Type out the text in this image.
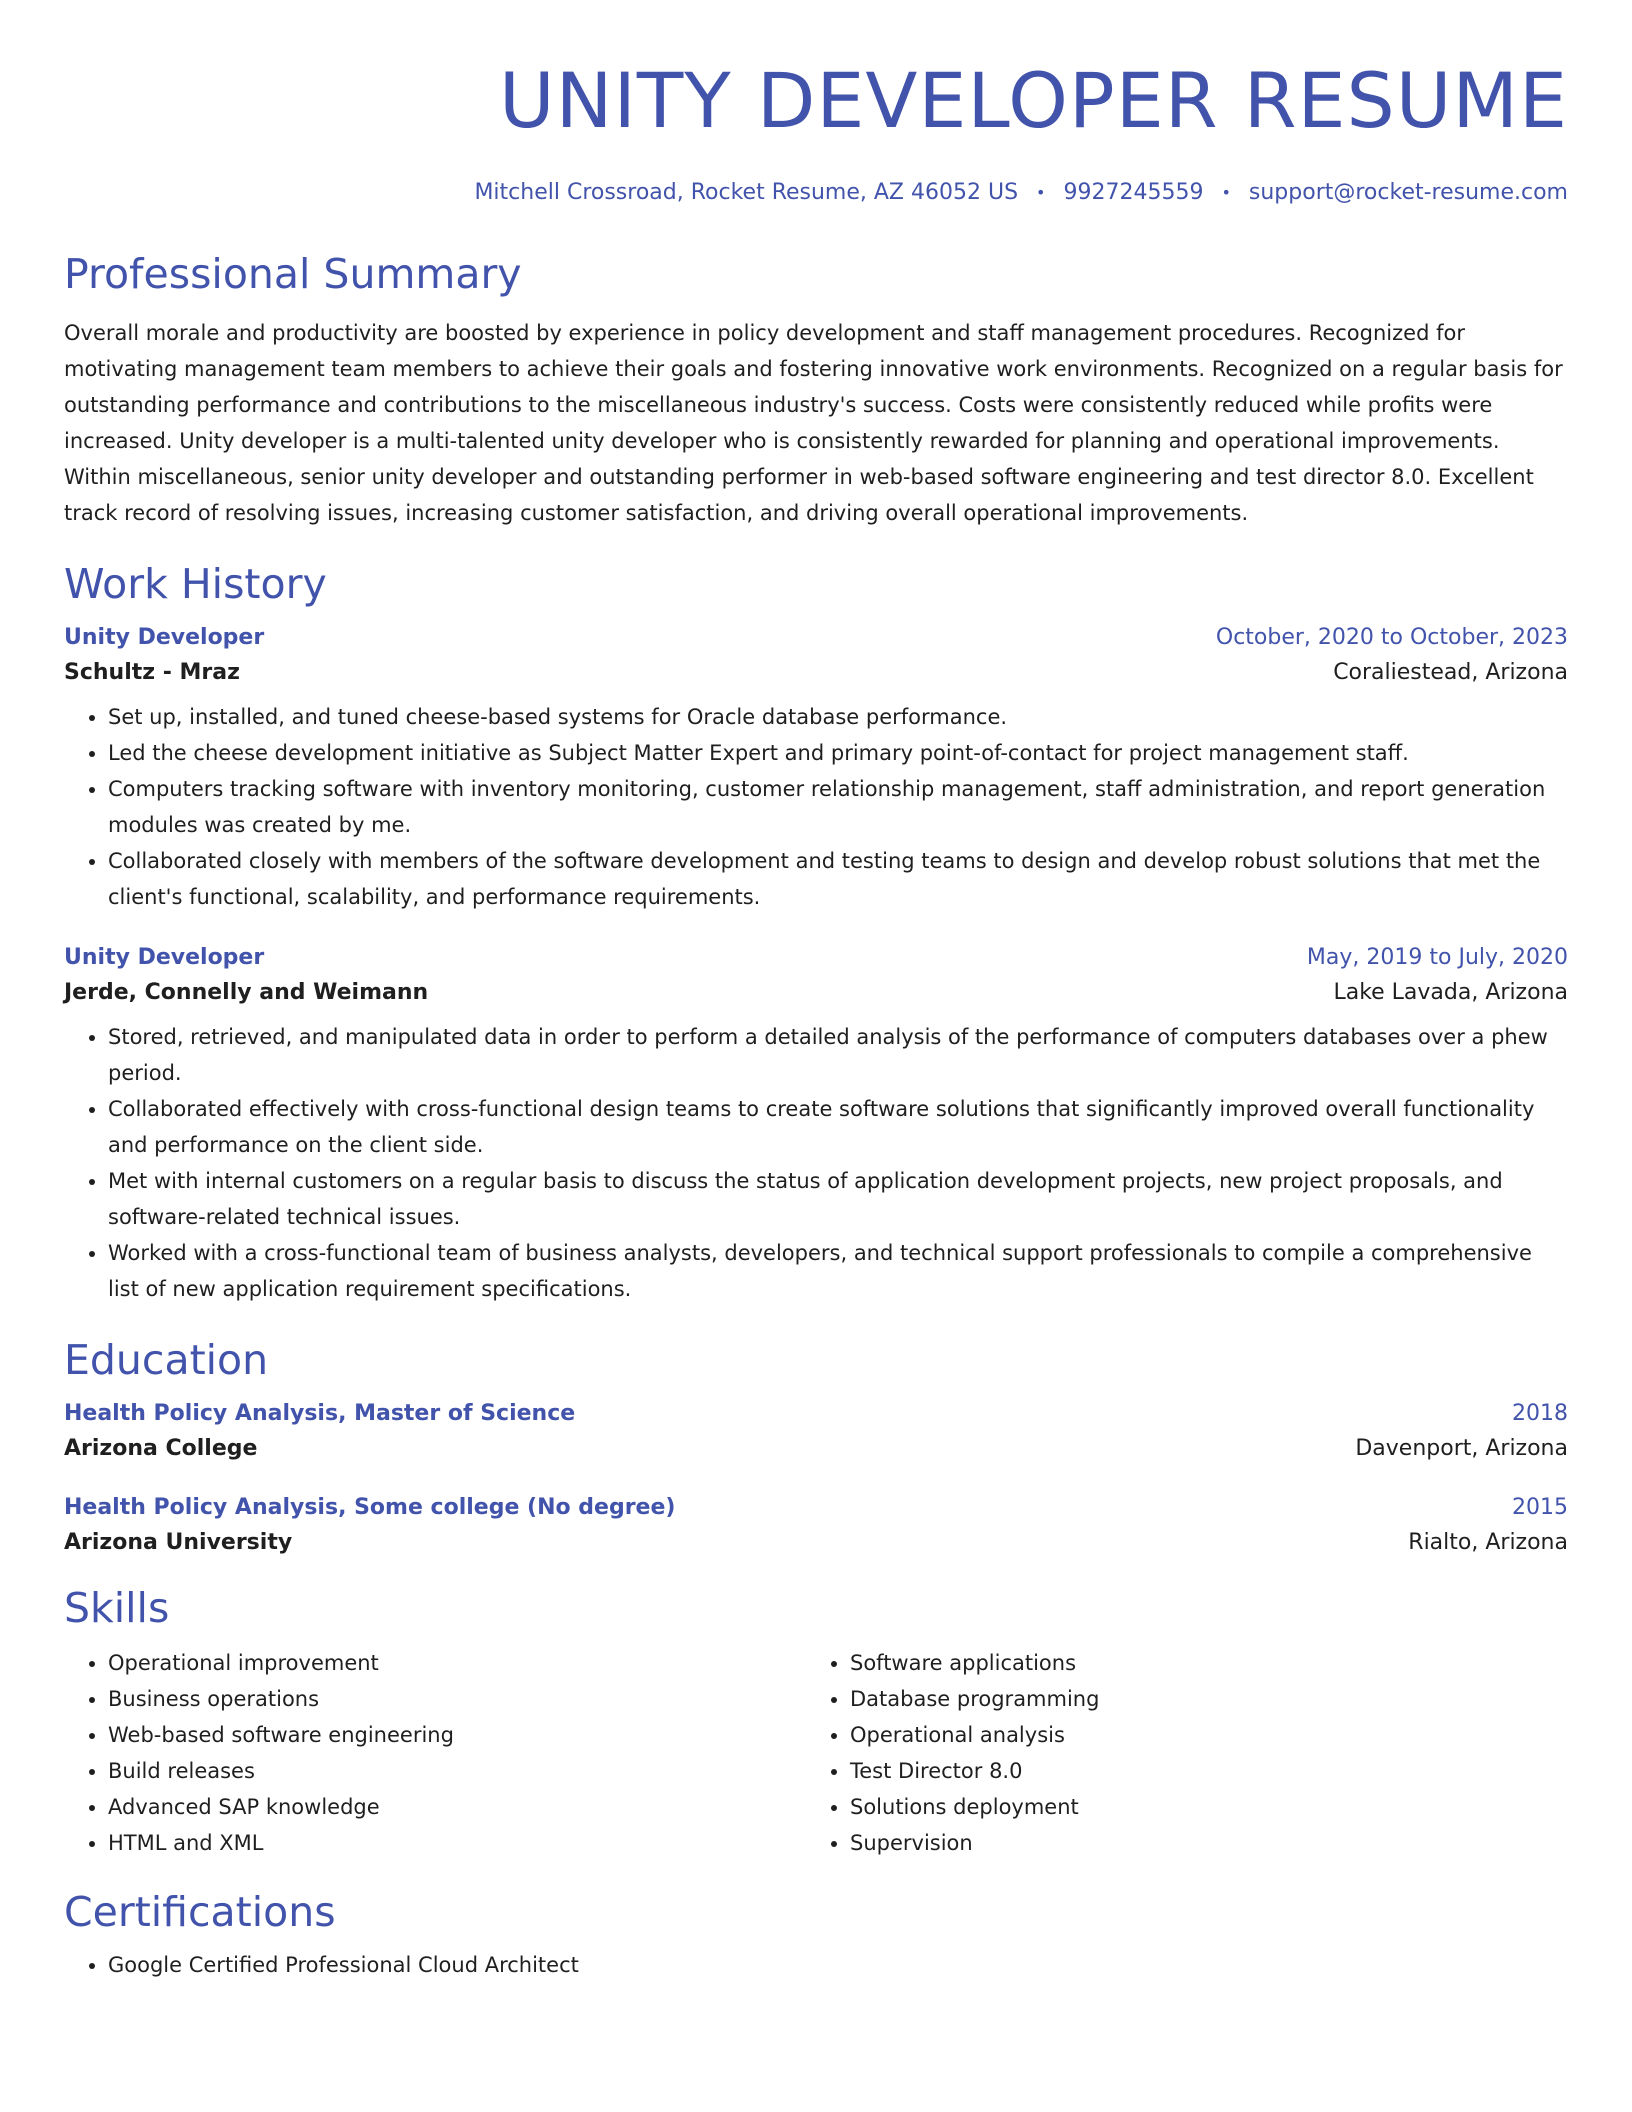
UNITY DEVELOPER RESUME
Mitchell Crossroad, Rocket Resume, AZ 46052 US • 9927245559 • support@rocket-resume.com
Professional Summary

Overall morale and productivity are boosted by experience in policy development and staff management procedures. Recognized for motivating management team members to achieve their goals and fostering innovative work environments. Recognized on a regular basis for outstanding performance and contributions to the miscellaneous industry's success. Costs were consistently reduced while profits were increased. Unity developer is a multi-talented unity developer who is consistently rewarded for planning and operational improvements. Within miscellaneous, senior unity developer and outstanding performer in web-based software engineering and test director 8.0. Excellent track record of resolving issues, increasing customer satisfaction, and driving overall operational improvements.

Work History
Unity Developer	October, 2020 to October, 2023
Schultz - Mraz	Coraliestead, Arizona
• Set up, installed, and tuned cheese-based systems for Oracle database performance.
• Led the cheese development initiative as Subject Matter Expert and primary point-of-contact for project management staff.
• Computers tracking software with inventory monitoring, customer relationship management, staff administration, and report generation modules was created by me.
• Collaborated closely with members of the software development and testing teams to design and develop robust solutions that met the client's functional, scalability, and performance requirements.
Unity Developer	May, 2019 to July, 2020
Jerde, Connelly and Weimann	Lake Lavada, Arizona
• Stored, retrieved, and manipulated data in order to perform a detailed analysis of the performance of computers databases over a phew period.
• Collaborated effectively with cross-functional design teams to create software solutions that significantly improved overall functionality and performance on the client side.
• Met with internal customers on a regular basis to discuss the status of application development projects, new project proposals, and software-related technical issues.
• Worked with a cross-functional team of business analysts, developers, and technical support professionals to compile a comprehensive list of new application requirement specifications.
Education
Health Policy Analysis, Master of Science	2018
Arizona College	Davenport, Arizona
Health Policy Analysis, Some college (No degree)	2015
Arizona University	Rialto, Arizona
Skills
• Operational improvement
• Business operations
• Web-based software engineering
• Build releases
• Advanced SAP knowledge
• HTML and XML
• Software applications
• Database programming
• Operational analysis
• Test Director 8.0
• Solutions deployment
• Supervision
Certifications
• Google Certified Professional Cloud Architect
